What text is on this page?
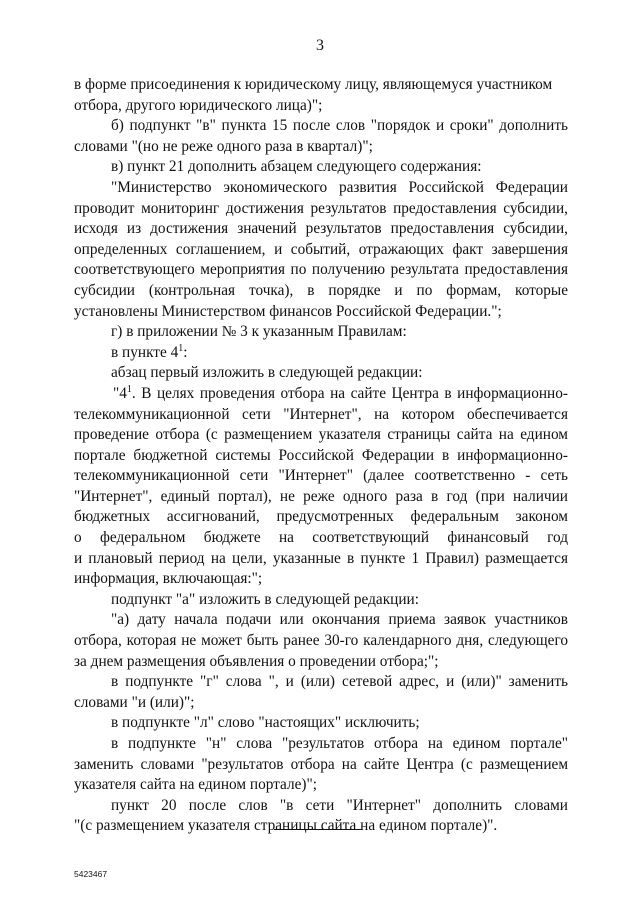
3
в форме присоединения к юридическому лицу, являющемуся участником
отбора, другого юридического лица)";
б) подпункт "в" пункта 15 после слов "порядок и сроки" дополнить
словами "(но не реже одного раза в квартал)";
в) пункт 21 дополнить абзацем следующего содержания:
"Министерство экономического развития Российской Федерации
проводит мониторинг достижения результатов предоставления субсидии,
исходя из достижения значений результатов предоставления субсидии,
определенных соглашением, и событий, отражающих факт завершения
соответствующего мероприятия по получению результата предоставления
субсидии (контрольная точка), в порядке и по формам, которые
установлены Министерством финансов Российской Федерации.";
г) в приложении № 3 к указанным Правилам:
в пункте $4^1$:
абзац первый изложить в следующей редакции:
"$4^1$. В целях проведения отбора на сайте Центра в информационно-
телекоммуникационной сети "Интернет", на котором обеспечивается
проведение отбора (с размещением указателя страницы сайта на едином
портале бюджетной системы Российской Федерации в информационно-
телекоммуникационной сети "Интернет" (далее соответственно - сеть
"Интернет", единый портал), не реже одного раза в год (при наличии
бюджетных ассигнований, предусмотренных федеральным законом
о федеральном бюджете на соответствующий финансовый год
и плановый период на цели, указанные в пункте 1 Правил) размещается
информация, включающая:";
подпункт "а" изложить в следующей редакции:
"а) дату начала подачи или окончания приема заявок участников
отбора, которая не может быть ранее 30-го календарного дня, следующего
за днем размещения объявления о проведении отбора;";
в подпункте "г" слова ", и (или) сетевой адрес, и (или)" заменить
словами "и (или)";
в подпункте "л" слово "настоящих" исключить;
в подпункте "н" слова "результатов отбора на едином портале"
заменить словами "результатов отбора на сайте Центра (с размещением
указателя сайта на едином портале)";
пункт 20 после слов "в сети "Интернет" дополнить словами
"(с размещением указателя страницы сайта на едином портале)".
5423467
